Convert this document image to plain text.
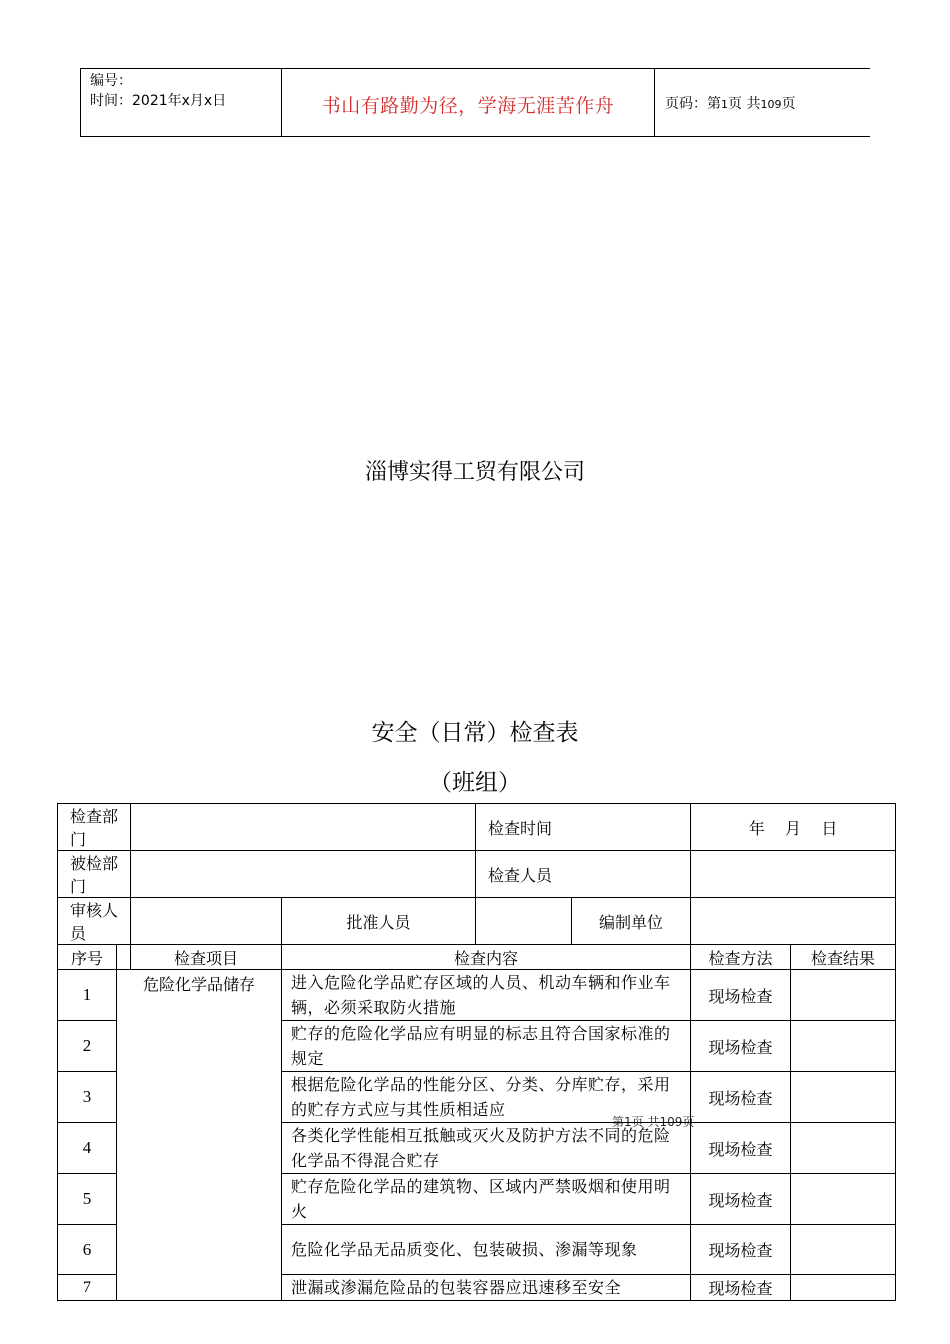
编号：
时间：2021年x月x日	书山有路勤为径，学海无涯苦作舟	页码：第1页 共109页
淄博实得工贸有限公司
安全（日常）检查表
（班组）
检查部门				检查时间		年    月    日	
被检部门				检查人员			
审核人员			批准人员		编制单位		
序号		检查项目	检查内容			检查方法	检查结果
1	危险化学品储存		进入危险化学品贮存区域的人员、机动车辆和作业车辆，必须采取防火措施			现场检查	
2			贮存的危险化学品应有明显的标志且符合国家标准的规定			现场检查	
3			根据危险化学品的性能分区、分类、分库贮存，采用的贮存方式应与其性质相适应			现场检查	
4			各类化学性能相互抵触或灭火及防护方法不同的危险化学品不得混合贮存			现场检查	
5			贮存危险化学品的建筑物、区域内严禁吸烟和使用明火			现场检查	
6			危险化学品无品质变化、包装破损、渗漏等现象			现场检查	
7			泄漏或渗漏危险品的包装容器应迅速移至安全			现场检查	
第1页 共109页
